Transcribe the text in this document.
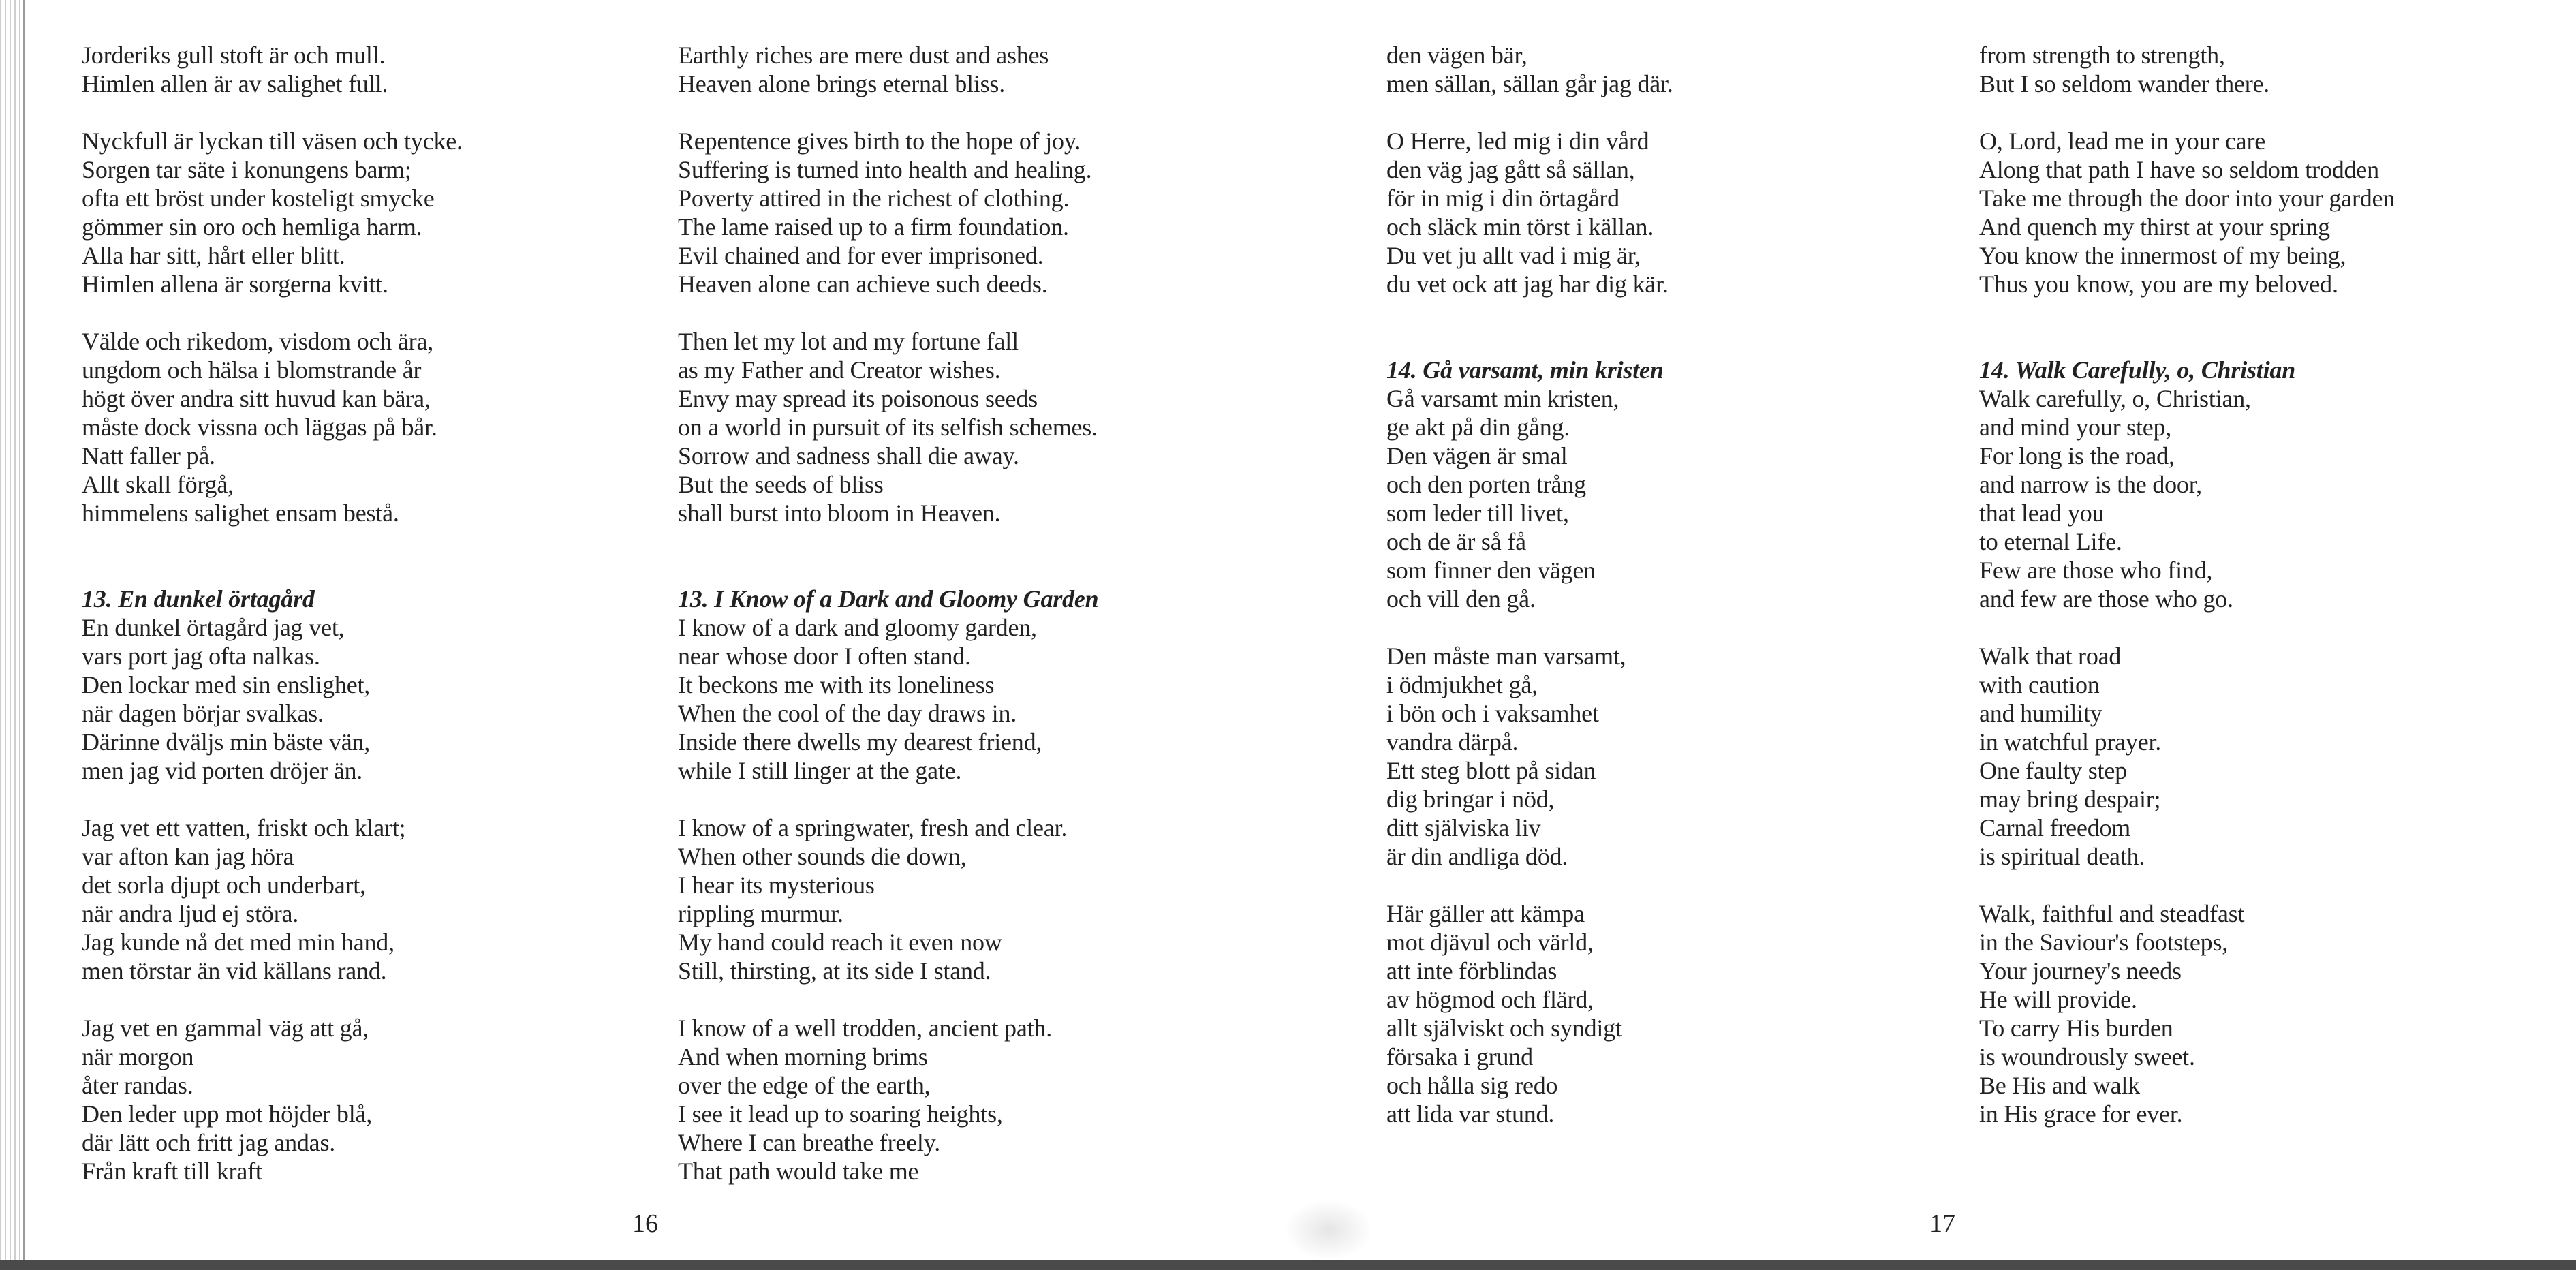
Jorderiks gull stoft är och mull.
Himlen allen är av salighet full.

Nyckfull är lyckan till väsen och tycke.
Sorgen tar säte i konungens barm;
ofta ett bröst under kosteligt smycke
gömmer sin oro och hemliga harm.
Alla har sitt, hårt eller blitt.
Himlen allena är sorgerna kvitt.

Välde och rikedom, visdom och ära,
ungdom och hälsa i blomstrande år
högt över andra sitt huvud kan bära,
måste dock vissna och läggas på bår.
Natt faller på.
Allt skall förgå,
himmelens salighet ensam bestå.

13. En dunkel örtagård
En dunkel örtagård jag vet,
vars port jag ofta nalkas.
Den lockar med sin enslighet,
när dagen börjar svalkas.
Därinne dväljs min bäste vän,
men jag vid porten dröjer än.

Jag vet ett vatten, friskt och klart;
var afton kan jag höra
det sorla djupt och underbart,
när andra ljud ej störa.
Jag kunde nå det med min hand,
men törstar än vid källans rand.

Jag vet en gammal väg att gå,
när morgon
åter randas.
Den leder upp mot höjder blå,
där lätt och fritt jag andas.
Från kraft till kraft
Earthly riches are mere dust and ashes
Heaven alone brings eternal bliss.

Repentence gives birth to the hope of joy.
Suffering is turned into health and healing.
Poverty attired in the richest of clothing.
The lame raised up to a firm foundation.
Evil chained and for ever imprisoned.
Heaven alone can achieve such deeds.

Then let my lot and my fortune fall
as my Father and Creator wishes.
Envy may spread its poisonous seeds
on a world in pursuit of its selfish schemes.
Sorrow and sadness shall die away.
But the seeds of bliss
shall burst into bloom in Heaven.

13. I Know of a Dark and Gloomy Garden
I know of a dark and gloomy garden,
near whose door I often stand.
It beckons me with its loneliness
When the cool of the day draws in.
Inside there dwells my dearest friend,
while I still linger at the gate.

I know of a springwater, fresh and clear.
When other sounds die down,
I hear its mysterious
rippling murmur.
My hand could reach it even now
Still, thirsting, at its side I stand.

I know of a well trodden, ancient path.
And when morning brims
over the edge of the earth,
I see it lead up to soaring heights,
Where I can breathe freely.
That path would take me
den vägen bär,
men sällan, sällan går jag där.

O Herre, led mig i din vård
den väg jag gått så sällan,
för in mig i din örtagård
och släck min törst i källan.
Du vet ju allt vad i mig är,
du vet ock att jag har dig kär.

14. Gå varsamt, min kristen
Gå varsamt min kristen,
ge akt på din gång.
Den vägen är smal
och den porten trång
som leder till livet,
och de är så få
som finner den vägen
och vill den gå.

Den måste man varsamt,
i ödmjukhet gå,
i bön och i vaksamhet
vandra därpå.
Ett steg blott på sidan
dig bringar i nöd,
ditt själviska liv
är din andliga död.

Här gäller att kämpa
mot djävul och värld,
att inte förblindas
av högmod och flärd,
allt själviskt och syndigt
försaka i grund
och hålla sig redo
att lida var stund.
from strength to strength,
But I so seldom wander there.

O, Lord, lead me in your care
Along that path I have so seldom trodden
Take me through the door into your garden
And quench my thirst at your spring
You know the innermost of my being,
Thus you know, you are my beloved.

14. Walk Carefully, o, Christian
Walk carefully, o, Christian,
and mind your step,
For long is the road,
and narrow is the door,
that lead you
to eternal Life.
Few are those who find,
and few are those who go.

Walk that road
with caution
and humility
in watchful prayer.
One faulty step
may bring despair;
Carnal freedom
is spiritual death.

Walk, faithful and steadfast
in the Saviour's footsteps,
Your journey's needs
He will provide.
To carry His burden
is woundrously sweet.
Be His and walk
in His grace for ever.
16	17
